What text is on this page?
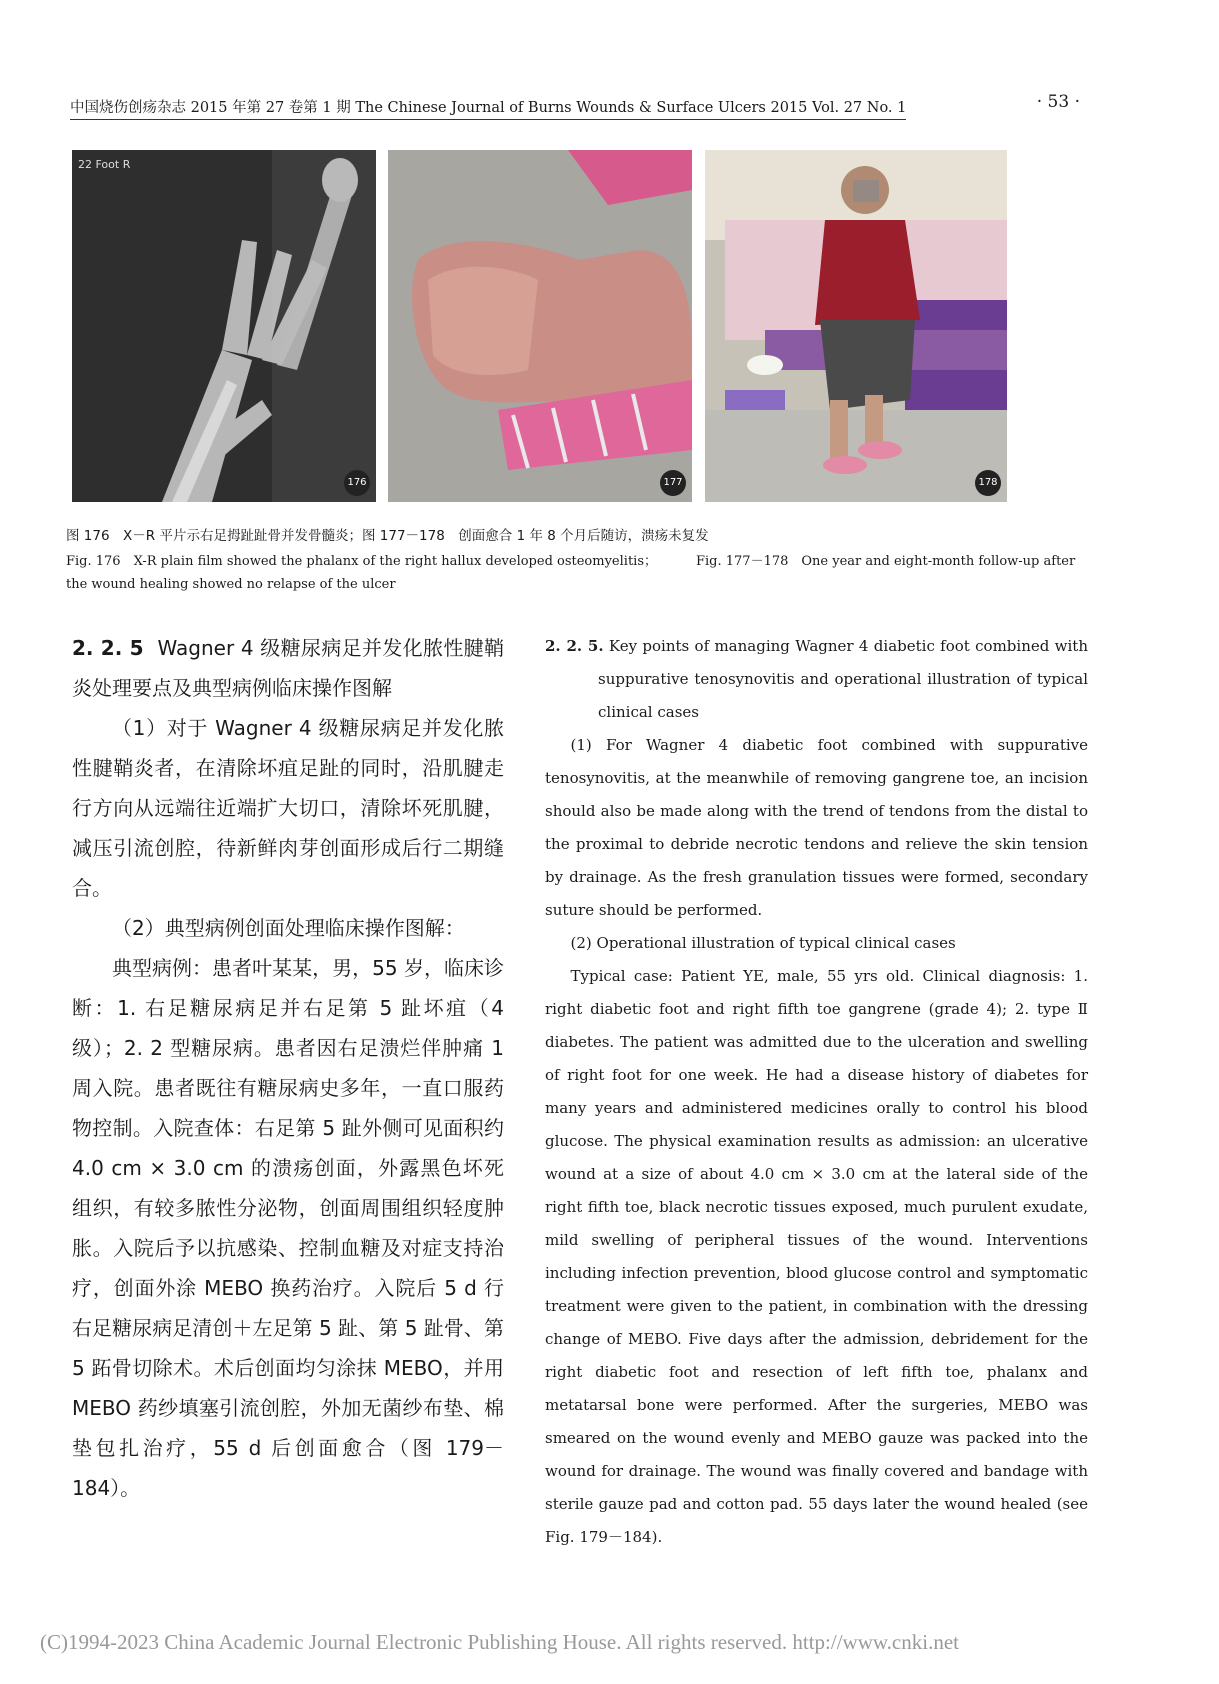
中国烧伤创疡杂志 2015 年第 27 卷第 1 期 The Chinese Journal of Burns Wounds & Surface Ulcers 2015 Vol. 27 No. 1	· 53 ·
22 Foot R
176	177	178
图 176　X－R 平片示右足拇趾趾骨并发骨髓炎；图 177－178　创面愈合 1 年 8 个月后随访，溃疡未复发
Fig. 176　X-R plain film showed the phalanx of the right hallux developed osteomyelitis；	Fig. 177－178　One year and eight-month follow-up after the wound healing showed no relapse of the ulcer

2. 2. 5 Wagner 4 级糖尿病足并发化脓性腱鞘炎处理要点及典型病例临床操作图解

（1）对于 Wagner 4 级糖尿病足并发化脓性腱鞘炎者，在清除坏疽足趾的同时，沿肌腱走行方向从远端往近端扩大切口，清除坏死肌腱，减压引流创腔，待新鲜肉芽创面形成后行二期缝合。

（2）典型病例创面处理临床操作图解：

典型病例：患者叶某某，男，55 岁，临床诊断：1. 右足糖尿病足并右足第 5 趾坏疽（4 级）；2. 2 型糖尿病。患者因右足溃烂伴肿痛 1 周入院。患者既往有糖尿病史多年，一直口服药物控制。入院查体：右足第 5 趾外侧可见面积约 4.0 cm × 3.0 cm 的溃疡创面，外露黑色坏死组织，有较多脓性分泌物，创面周围组织轻度肿胀。入院后予以抗感染、控制血糖及对症支持治疗，创面外涂 MEBO 换药治疗。入院后 5 d 行右足糖尿病足清创＋左足第 5 趾、第 5 趾骨、第 5 跖骨切除术。术后创面均匀涂抹 MEBO，并用 MEBO 药纱填塞引流创腔，外加无菌纱布垫、棉垫包扎治疗，55 d 后创面愈合（图 179－184）。

2. 2. 5. Key points of managing Wagner 4 diabetic foot combined with suppurative tenosynovitis and operational illustration of typical clinical cases

(1) For Wagner 4 diabetic foot combined with suppurative tenosynovitis, at the meanwhile of removing gangrene toe, an incision should also be made along with the trend of tendons from the distal to the proximal to debride necrotic tendons and relieve the skin tension by drainage. As the fresh granulation tissues were formed, secondary suture should be performed.

(2) Operational illustration of typical clinical cases

Typical case: Patient YE, male, 55 yrs old. Clinical diagnosis: 1. right diabetic foot and right fifth toe gangrene (grade 4); 2. type Ⅱ diabetes. The patient was admitted due to the ulceration and swelling of right foot for one week. He had a disease history of diabetes for many years and administered medicines orally to control his blood glucose. The physical examination results as admission: an ulcerative wound at a size of about 4.0 cm × 3.0 cm at the lateral side of the right fifth toe, black necrotic tissues exposed, much purulent exudate, mild swelling of peripheral tissues of the wound. Interventions including infection prevention, blood glucose control and symptomatic treatment were given to the patient, in combination with the dressing change of MEBO. Five days after the admission, debridement for the right diabetic foot and resection of left fifth toe, phalanx and metatarsal bone were performed. After the surgeries, MEBO was smeared on the wound evenly and MEBO gauze was packed into the wound for drainage. The wound was finally covered and bandage with sterile gauze pad and cotton pad. 55 days later the wound healed (see Fig. 179－184).

(C)1994-2023 China Academic Journal Electronic Publishing House. All rights reserved. http://www.cnki.net
